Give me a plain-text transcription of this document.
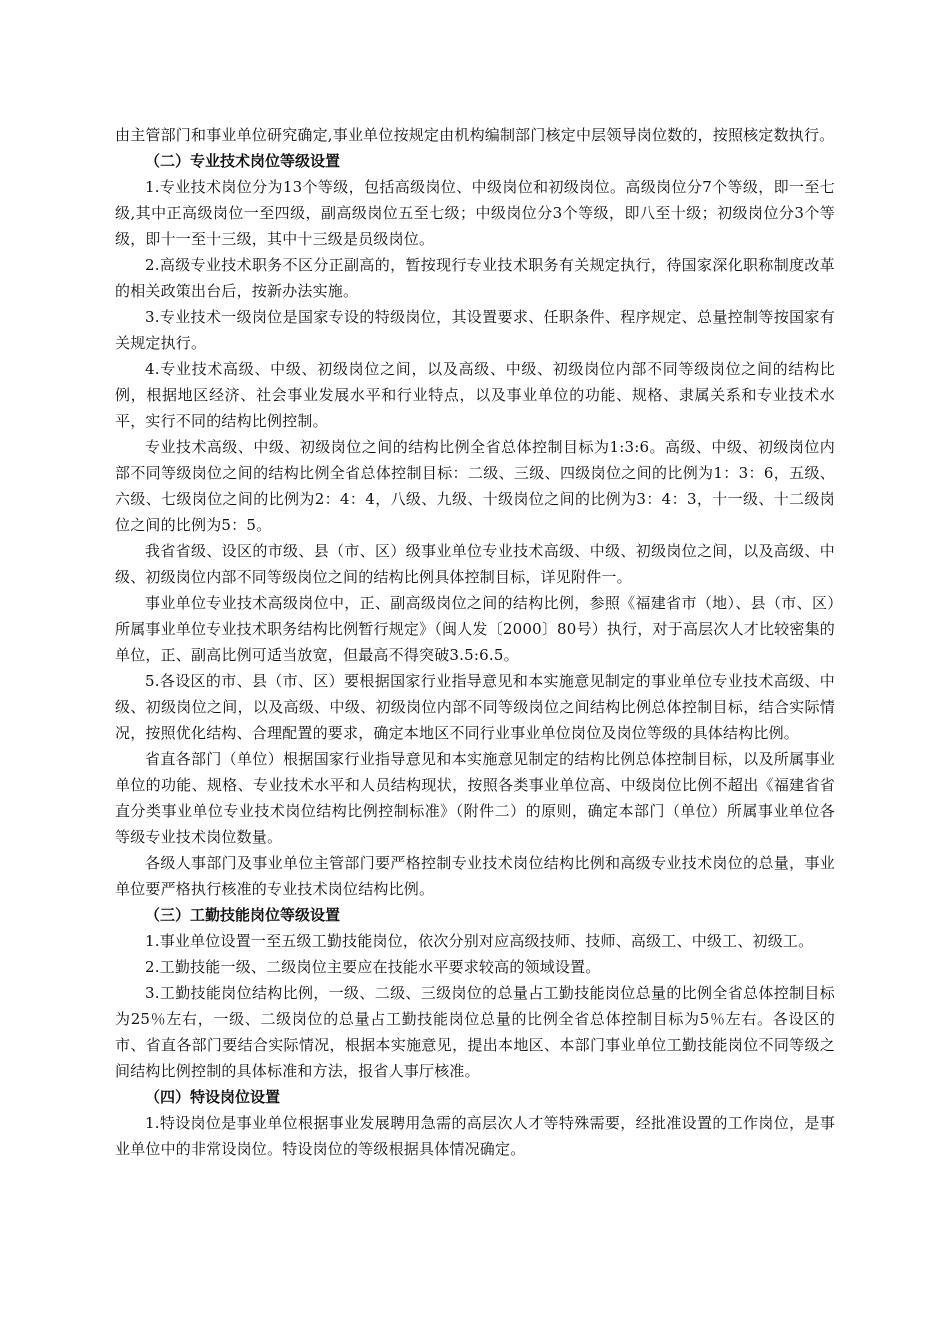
由主管部门和事业单位研究确定,事业单位按规定由机构编制部门核定中层领导岗位数的，按照核定数执行。

（二）专业技术岗位等级设置

1.专业技术岗位分为13个等级，包括高级岗位、中级岗位和初级岗位。高级岗位分7个等级，即一至七级,其中正高级岗位一至四级，副高级岗位五至七级；中级岗位分3个等级，即八至十级；初级岗位分3个等级，即十一至十三级，其中十三级是员级岗位。

2.高级专业技术职务不区分正副高的，暂按现行专业技术职务有关规定执行，待国家深化职称制度改革的相关政策出台后，按新办法实施。

3.专业技术一级岗位是国家专设的特级岗位，其设置要求、任职条件、程序规定、总量控制等按国家有关规定执行。

4.专业技术高级、中级、初级岗位之间，以及高级、中级、初级岗位内部不同等级岗位之间的结构比例，根据地区经济、社会事业发展水平和行业特点，以及事业单位的功能、规格、隶属关系和专业技术水平，实行不同的结构比例控制。

专业技术高级、中级、初级岗位之间的结构比例全省总体控制目标为1:3:6。高级、中级、初级岗位内部不同等级岗位之间的结构比例全省总体控制目标：二级、三级、四级岗位之间的比例为1：3：6，五级、六级、七级岗位之间的比例为2：4：4，八级、九级、十级岗位之间的比例为3：4：3，十一级、十二级岗位之间的比例为5：5。

我省省级、设区的市级、县（市、区）级事业单位专业技术高级、中级、初级岗位之间，以及高级、中级、初级岗位内部不同等级岗位之间的结构比例具体控制目标，详见附件一。

事业单位专业技术高级岗位中，正、副高级岗位之间的结构比例，参照《福建省市（地）、县（市、区）所属事业单位专业技术职务结构比例暂行规定》（闽人发〔2000〕80号）执行，对于高层次人才比较密集的单位，正、副高比例可适当放宽，但最高不得突破3.5:6.5。

5.各设区的市、县（市、区）要根据国家行业指导意见和本实施意见制定的事业单位专业技术高级、中级、初级岗位之间，以及高级、中级、初级岗位内部不同等级岗位之间结构比例总体控制目标，结合实际情况，按照优化结构、合理配置的要求，确定本地区不同行业事业单位岗位及岗位等级的具体结构比例。

省直各部门（单位）根据国家行业指导意见和本实施意见制定的结构比例总体控制目标，以及所属事业单位的功能、规格、专业技术水平和人员结构现状，按照各类事业单位高、中级岗位比例不超出《福建省省直分类事业单位专业技术岗位结构比例控制标准》（附件二）的原则，确定本部门（单位）所属事业单位各等级专业技术岗位数量。

各级人事部门及事业单位主管部门要严格控制专业技术岗位结构比例和高级专业技术岗位的总量，事业单位要严格执行核准的专业技术岗位结构比例。

（三）工勤技能岗位等级设置

1.事业单位设置一至五级工勤技能岗位，依次分别对应高级技师、技师、高级工、中级工、初级工。

2.工勤技能一级、二级岗位主要应在技能水平要求较高的领域设置。

3.工勤技能岗位结构比例，一级、二级、三级岗位的总量占工勤技能岗位总量的比例全省总体控制目标为25％左右，一级、二级岗位的总量占工勤技能岗位总量的比例全省总体控制目标为5％左右。各设区的市、省直各部门要结合实际情况，根据本实施意见，提出本地区、本部门事业单位工勤技能岗位不同等级之间结构比例控制的具体标准和方法，报省人事厅核准。

（四）特设岗位设置

1.特设岗位是事业单位根据事业发展聘用急需的高层次人才等特殊需要，经批准设置的工作岗位，是事业单位中的非常设岗位。特设岗位的等级根据具体情况确定。
